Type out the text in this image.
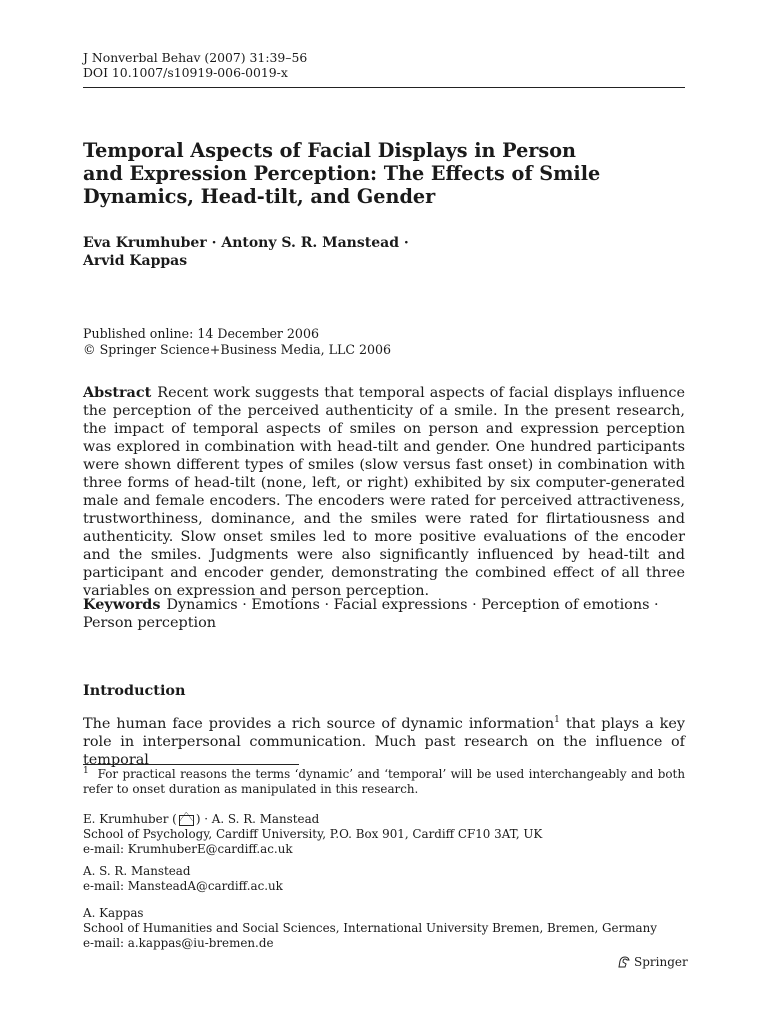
J Nonverbal Behav (2007) 31:39–56
DOI 10.1007/s10919-006-0019-x
Temporal Aspects of Facial Displays in Person
and Expression Perception: The Effects of Smile
Dynamics, Head-tilt, and Gender
Eva Krumhuber · Antony S. R. Manstead ·
Arvid Kappas
Published online: 14 December 2006
© Springer Science+Business Media, LLC 2006
Abstract Recent work suggests that temporal aspects of facial displays influence the perception of the perceived authenticity of a smile. In the present research, the impact of temporal aspects of smiles on person and expression perception was explored in combination with head-tilt and gender. One hundred participants were shown different types of smiles (slow versus fast onset) in combination with three forms of head-tilt (none, left, or right) exhibited by six computer-generated male and female encoders. The encoders were rated for perceived attractiveness, trustworthiness, dominance, and the smiles were rated for flirtatiousness and authenticity. Slow onset smiles led to more positive evaluations of the encoder and the smiles. Judgments were also significantly influenced by head-tilt and participant and encoder gender, demonstrating the combined effect of all three variables on expression and person perception.
Keywords Dynamics · Emotions · Facial expressions · Perception of emotions · Person perception
Introduction
The human face provides a rich source of dynamic information$^1$ that plays a key role in interpersonal communication. Much past research on the influence of temporal
$^1$ For practical reasons the terms ‘dynamic’ and ‘temporal’ will be used interchangeably and both refer to onset duration as manipulated in this research.
E. Krumhuber ( ) · A. S. R. Manstead
School of Psychology, Cardiff University, P.O. Box 901, Cardiff CF10 3AT, UK
e-mail: KrumhuberE@cardiff.ac.uk
A. S. R. Manstead
e-mail: MansteadA@cardiff.ac.uk
A. Kappas
School of Humanities and Social Sciences, International University Bremen, Bremen, Germany
e-mail: a.kappas@iu-bremen.de
Springer
